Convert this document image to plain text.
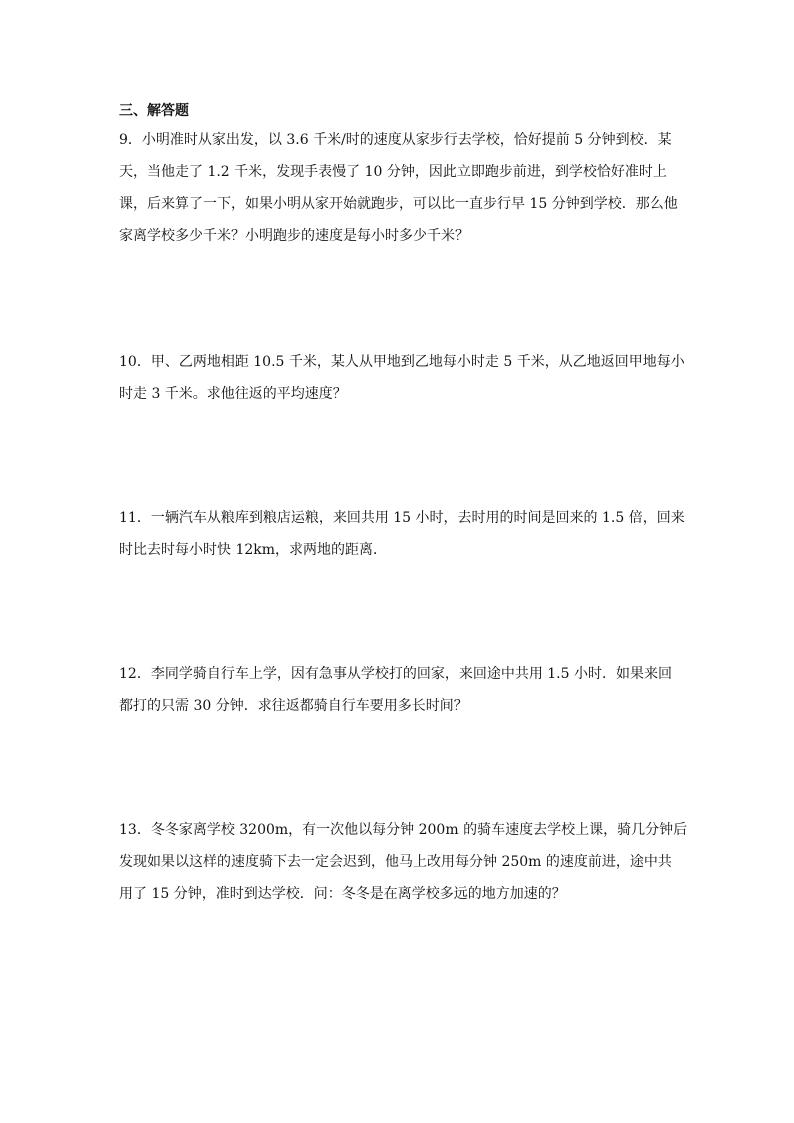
三、解答题
9．小明准时从家出发，以 3.6 千米/时的速度从家步行去学校，恰好提前 5 分钟到校．某
天，当他走了 1.2 千米，发现手表慢了 10 分钟，因此立即跑步前进，到学校恰好准时上
课，后来算了一下，如果小明从家开始就跑步，可以比一直步行早 15 分钟到学校．那么他
家离学校多少千米？小明跑步的速度是每小时多少千米？
10．甲、乙两地相距 10.5 千米，某人从甲地到乙地每小时走 5 千米，从乙地返回甲地每小
时走 3 千米。求他往返的平均速度？
11．一辆汽车从粮库到粮店运粮，来回共用 15 小时，去时用的时间是回来的 1.5 倍，回来
时比去时每小时快 12km，求两地的距离．
12．李同学骑自行车上学，因有急事从学校打的回家，来回途中共用 1.5 小时．如果来回
都打的只需 30 分钟．求往返都骑自行车要用多长时间？
13．冬冬家离学校 3200m，有一次他以每分钟 200m 的骑车速度去学校上课，骑几分钟后
发现如果以这样的速度骑下去一定会迟到，他马上改用每分钟 250m 的速度前进，途中共
用了 15 分钟，准时到达学校．问：冬冬是在离学校多远的地方加速的？
